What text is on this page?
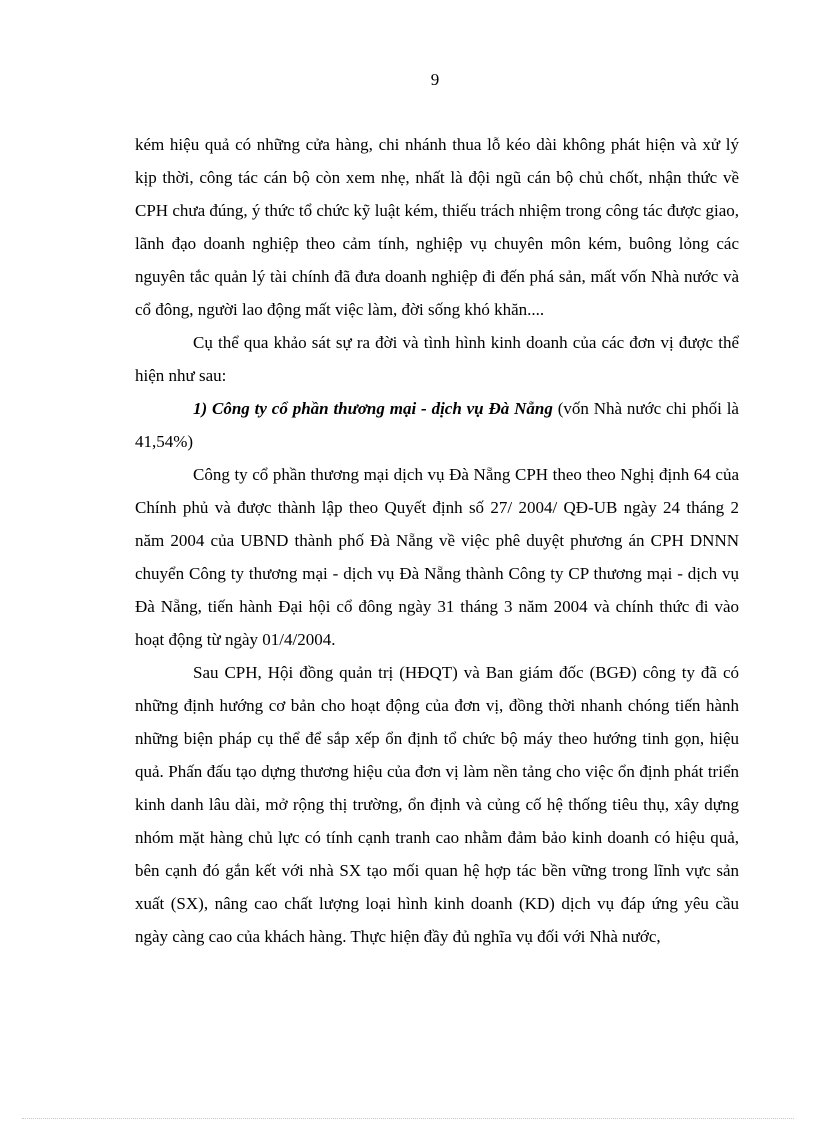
9

kém hiệu quả có những cửa hàng, chi nhánh thua lỗ kéo dài không phát hiện và xử lý kịp thời, công tác cán bộ còn xem nhẹ, nhất là đội ngũ cán bộ chủ chốt, nhận thức về CPH chưa đúng, ý thức tổ chức kỹ luật kém, thiếu trách nhiệm trong công tác được giao, lãnh đạo doanh nghiệp theo cảm tính, nghiệp vụ chuyên môn kém, buông lỏng các nguyên tắc quản lý tài chính đã đưa doanh nghiệp đi đến phá sản, mất vốn Nhà nước và cổ đông, người lao động mất việc làm, đời sống khó khăn....

Cụ thể qua khảo sát sự ra đời và tình hình kinh doanh của các đơn vị được thể hiện như sau:

1) Công ty cổ phần thương mại - dịch vụ Đà Nẵng (vốn Nhà nước chi phối là 41,54%)

Công ty cổ phần thương mại dịch vụ Đà Nẵng CPH theo theo Nghị định 64 của Chính phủ và được thành lập theo Quyết định số 27/ 2004/ QĐ-UB ngày 24 tháng 2 năm 2004 của UBND thành phố Đà Nẵng về việc phê duyệt phương án CPH DNNN chuyển Công ty thương mại - dịch vụ Đà Nẵng thành Công ty CP thương mại - dịch vụ Đà Nẵng, tiến hành Đại hội cổ đông ngày 31 tháng 3 năm 2004 và chính thức đi vào hoạt động từ ngày 01/4/2004.

Sau CPH, Hội đồng quản trị (HĐQT) và Ban giám đốc (BGĐ) công ty đã có những định hướng cơ bản cho hoạt động của đơn vị, đồng thời nhanh chóng tiến hành những biện pháp cụ thể để sắp xếp ổn định tổ chức bộ máy theo hướng tinh gọn, hiệu quả. Phấn đấu tạo dựng thương hiệu của đơn vị làm nền tảng cho việc ổn định phát triển kinh danh lâu dài, mở rộng thị trường, ổn định và củng cố hệ thống tiêu thụ, xây dựng nhóm mặt hàng chủ lực có tính cạnh tranh cao nhằm đảm bảo kinh doanh có hiệu quả, bên cạnh đó gắn kết với nhà SX tạo mối quan hệ hợp tác bền vững trong lĩnh vực sản xuất (SX), nâng cao chất lượng loại hình kinh doanh (KD) dịch vụ đáp ứng yêu cầu ngày càng cao của khách hàng. Thực hiện đầy đủ nghĩa vụ đối với Nhà nước,
